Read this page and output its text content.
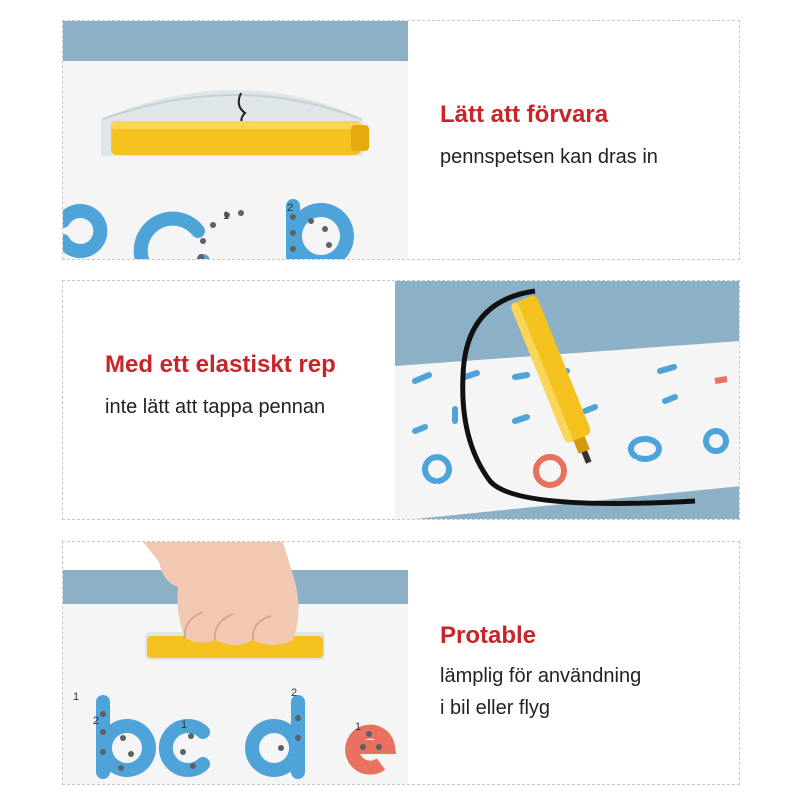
1
2
Lätt att förvara
pennspetsen kan dras in
Med ett elastiskt rep
inte lätt att tappa pennan
1
2	1
2
1
Protable
lämplig för användning
i bil eller flyg
